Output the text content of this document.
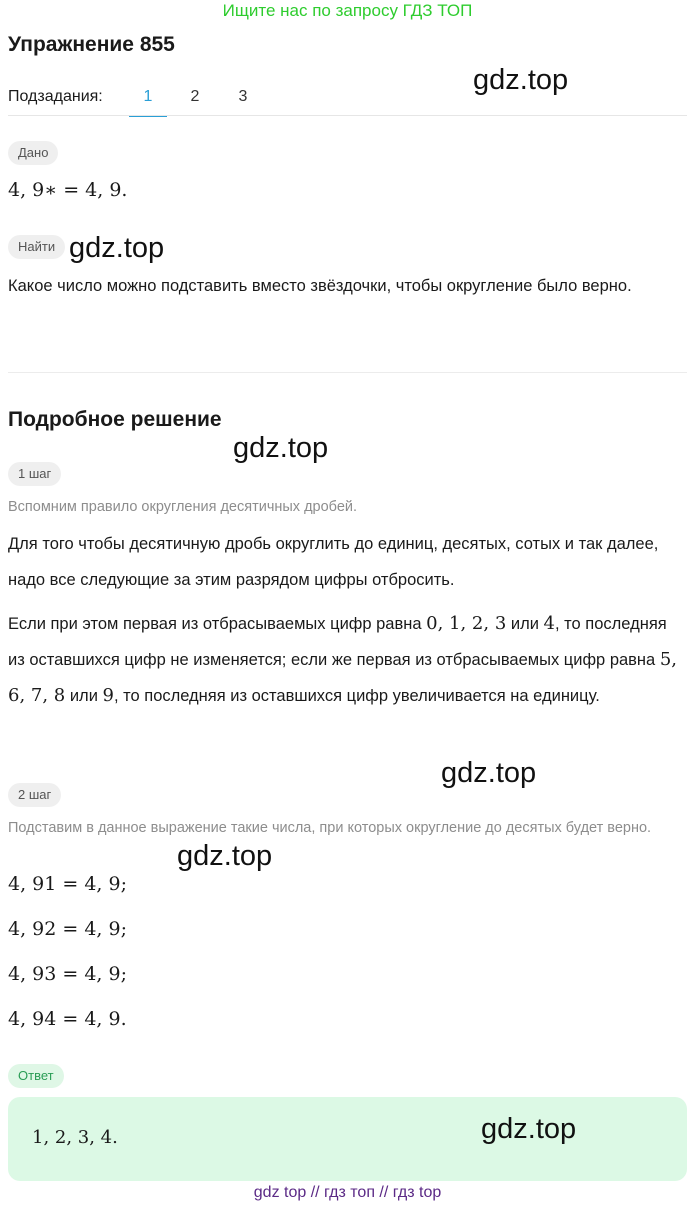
Ищите нас по запросу ГДЗ ТОП
Упражнение 855
Подзадания:	1	2	3
gdz.top
Дано
4, 9∗ = 4, 9.
Найти gdz.top
Какое число можно подставить вместо звёздочки, чтобы округление было верно.
Подробное решение
gdz.top
1 шаг
Вспомним правило округления десятичных дробей.
Для того чтобы десятичную дробь округлить до единиц, десятых, сотых и так далее, надо все следующие за этим разрядом цифры отбросить.
Если при этом первая из отбрасываемых цифр равна 0, 1, 2, 3 или 4, то последняя из оставшихся цифр не изменяется; если же первая из отбрасываемых цифр равна 5, 6, 7, 8 или 9, то последняя из оставшихся цифр увеличивается на единицу.
gdz.top
2 шаг
Подставим в данное выражение такие числа, при которых округление до десятых будет верно.
gdz.top
4, 91 = 4, 9;
4, 92 = 4, 9;
4, 93 = 4, 9;
4, 94 = 4, 9.
Ответ
1, 2, 3, 4.	gdz.top
gdz top // гдз топ // гдз top
